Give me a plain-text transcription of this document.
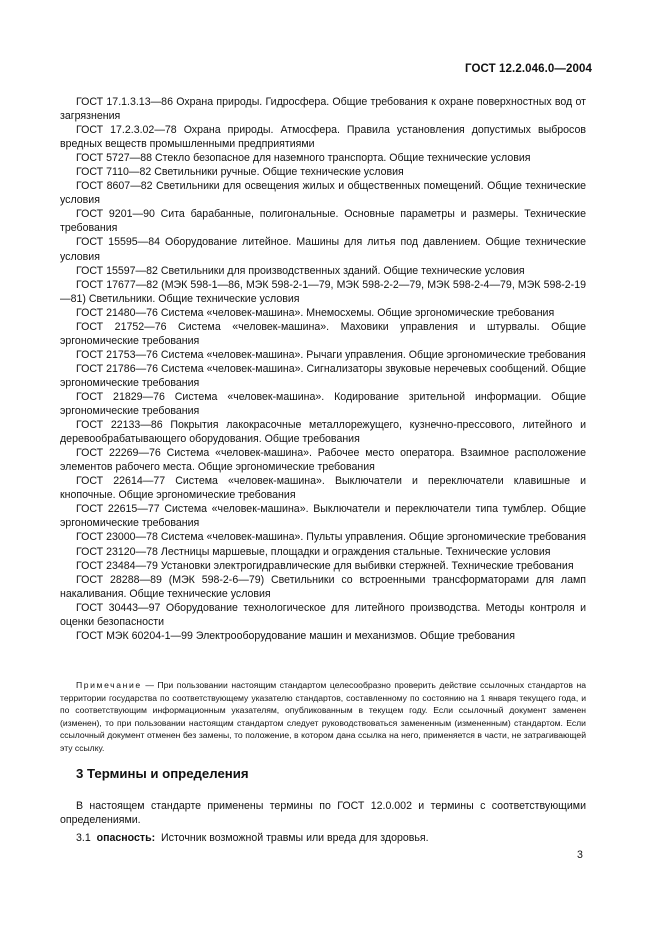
ГОСТ 12.2.046.0—2004

ГОСТ 17.1.3.13—86 Охрана природы. Гидросфера. Общие требования к охране поверхностных вод от загрязнения

ГОСТ 17.2.3.02—78 Охрана природы. Атмосфера. Правила установления допустимых выбросов вредных веществ промышленными предприятиями

ГОСТ 5727—88 Стекло безопасное для наземного транспорта. Общие технические условия

ГОСТ 7110—82 Светильники ручные. Общие технические условия

ГОСТ 8607—82 Светильники для освещения жилых и общественных помещений. Общие технические условия

ГОСТ 9201—90 Сита барабанные, полигональные. Основные параметры и размеры. Технические требования

ГОСТ 15595—84 Оборудование литейное. Машины для литья под давлением. Общие технические условия

ГОСТ 15597—82 Светильники для производственных зданий. Общие технические условия

ГОСТ 17677—82 (МЭК 598-1—86, МЭК 598-2-1—79, МЭК 598-2-2—79, МЭК 598-2-4—79, МЭК 598-2-19—81) Светильники. Общие технические условия

ГОСТ 21480—76 Система «человек-машина». Мнемосхемы. Общие эргономические требования

ГОСТ 21752—76 Система «человек-машина». Маховики управления и штурвалы. Общие эргономические требования

ГОСТ 21753—76 Система «человек-машина». Рычаги управления. Общие эргономические требования

ГОСТ 21786—76 Система «человек-машина». Сигнализаторы звуковые неречевых сообщений. Общие эргономические требования

ГОСТ 21829—76 Система «человек-машина». Кодирование зрительной информации. Общие эргономические требования

ГОСТ 22133—86 Покрытия лакокрасочные металлорежущего, кузнечно-прессового, литейного и деревообрабатывающего оборудования. Общие требования

ГОСТ 22269—76 Система «человек-машина». Рабочее место оператора. Взаимное расположение элементов рабочего места. Общие эргономические требования

ГОСТ 22614—77 Система «человек-машина». Выключатели и переключатели клавишные и кнопочные. Общие эргономические требования

ГОСТ 22615—77 Система «человек-машина». Выключатели и переключатели типа тумблер. Общие эргономические требования

ГОСТ 23000—78 Система «человек-машина». Пульты управления. Общие эргономические требования

ГОСТ 23120—78 Лестницы маршевые, площадки и ограждения стальные. Технические условия

ГОСТ 23484—79 Установки электрогидравлические для выбивки стержней. Технические требования

ГОСТ 28288—89 (МЭК 598-2-6—79) Светильники со встроенными трансформаторами для ламп накаливания. Общие технические условия

ГОСТ 30443—97 Оборудование технологическое для литейного производства. Методы контроля и оценки безопасности

ГОСТ МЭК 60204-1—99 Электрооборудование машин и механизмов. Общие требования

Примечание — При пользовании настоящим стандартом целесообразно проверить действие ссылочных стандартов на территории государства по соответствующему указателю стандартов, составленному по состоянию на 1 января текущего года, и по соответствующим информационным указателям, опубликованным в текущем году. Если ссылочный документ заменен (изменен), то при пользовании настоящим стандартом следует руководствоваться замененным (измененным) стандартом. Если ссылочный документ отменен без замены, то положение, в котором дана ссылка на него, применяется в части, не затрагивающей эту ссылку.

3 Термины и определения

В настоящем стандарте применены термины по ГОСТ 12.0.002 и термины с соответствующими определениями.

3.1 опасность: Источник возможной травмы или вреда для здоровья.

3
